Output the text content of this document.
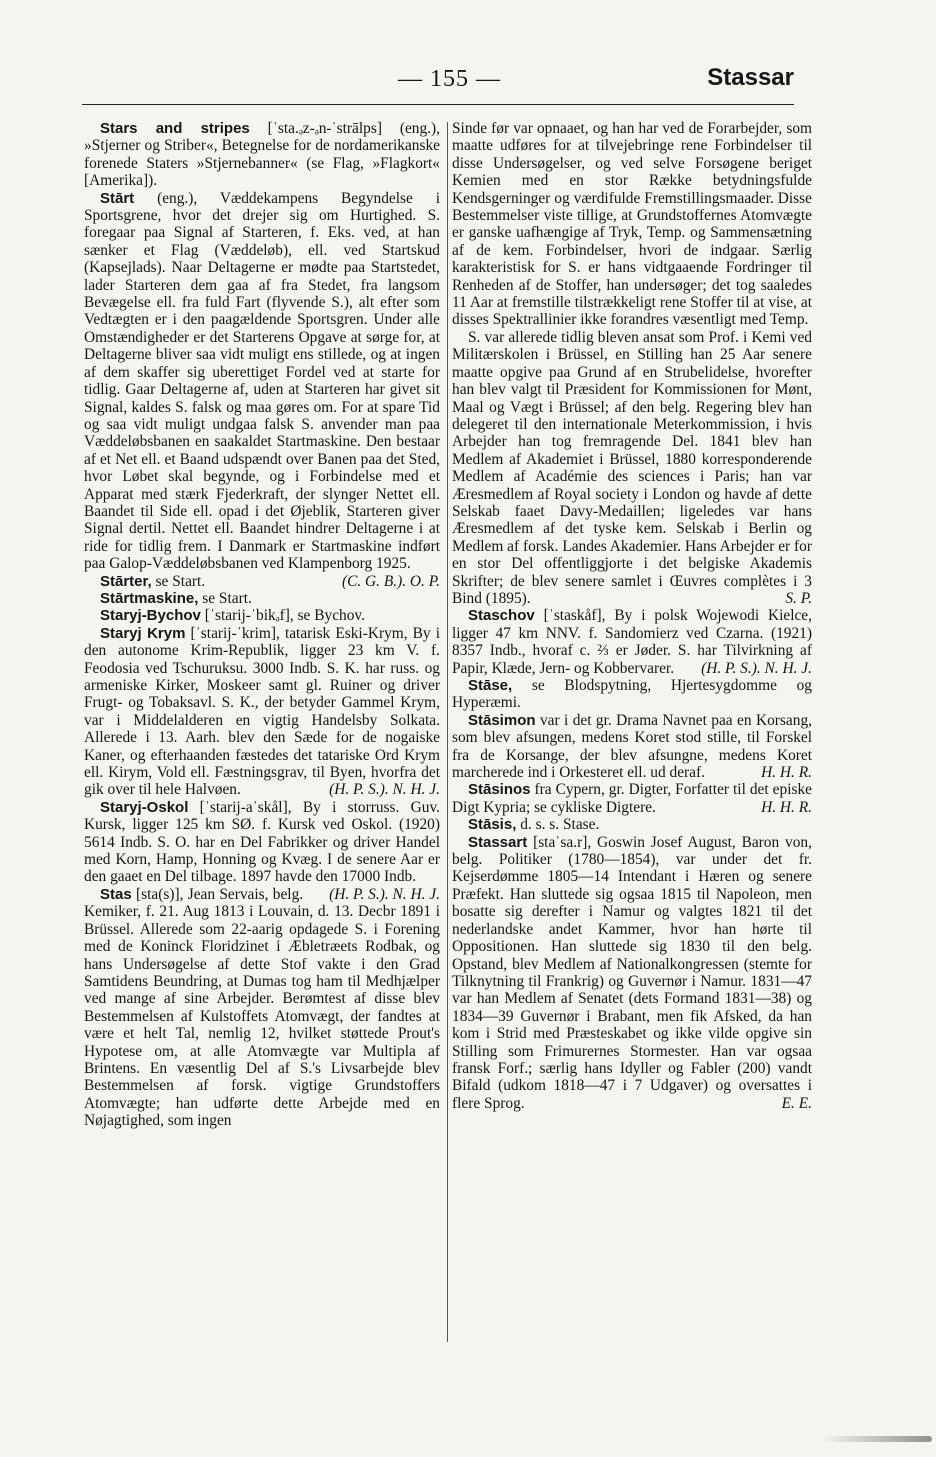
— 155 —	Stassar

Stars and stripes [ˈsta.ₔz-ₔn-ˈstrālps] (eng.), »Stjerner og Striber«, Betegnelse for de nordamerikanske forenede Staters »Stjernebanner« (se Flag, »Flagkort« [Amerika]).

Stārt (eng.), Væddekampens Begyndelse i Sportsgrene, hvor det drejer sig om Hurtighed. S. foregaar paa Signal af Starteren, f. Eks. ved, at han sænker et Flag (Væddeløb), ell. ved Startskud (Kapsejlads). Naar Deltagerne er mødte paa Startstedet, lader Starteren dem gaa af fra Stedet, fra langsom Bevægelse ell. fra fuld Fart (flyvende S.), alt efter som Vedtægten er i den paagældende Sportsgren. Under alle Omstændigheder er det Starterens Opgave at sørge for, at Deltagerne bliver saa vidt muligt ens stillede, og at ingen af dem skaffer sig uberettiget Fordel ved at starte for tidlig. Gaar Deltagerne af, uden at Starteren har givet sit Signal, kaldes S. falsk og maa gøres om. For at spare Tid og saa vidt muligt undgaa falsk S. anvender man paa Væddeløbsbanen en saakaldet Startmaskine. Den bestaar af et Net ell. et Baand udspændt over Banen paa det Sted, hvor Løbet skal begynde, og i Forbindelse med et Apparat med stærk Fjederkraft, der slynger Nettet ell. Baandet til Side ell. opad i det Øjeblik, Starteren giver Signal dertil. Nettet ell. Baandet hindrer Deltagerne i at ride for tidlig frem. I Danmark er Startmaskine indført paa Galop-Væddeløbsbanen ved Klampenborg 1925.
(C. G. B.). O. P.

Stārter, se Start.

Stārtmaskine, se Start.

Staryj-Bychov [ˈstarij-ˈbikₔf], se Bychov.

Staryj Krym [ˈstarij-ˈkrim], tatarisk Eski-Krym, By i den autonome Krim-Republik, ligger 23 km V. f. Feodosia ved Tschuruksu. 3000 Indb. S. K. har russ. og armeniske Kirker, Moskeer samt gl. Ruiner og driver Frugt- og Tobaksavl. S. K., der betyder Gammel Krym, var i Middelalderen en vigtig Handelsby Solkata. Allerede i 13. Aarh. blev den Sæde for de nogaiske Kaner, og efterhaanden fæstedes det tatariske Ord Krym ell. Kirym, Vold ell. Fæstningsgrav, til Byen, hvorfra det gik over til hele Halvøen.	(H. P. S.). N. H. J.

Staryj-Oskol [ˈstarij-aˈskål], By i storruss. Guv. Kursk, ligger 125 km SØ. f. Kursk ved Oskol. (1920) 5614 Indb. S. O. har en Del Fabrikker og driver Handel med Korn, Hamp, Honning og Kvæg. I de senere Aar er den gaaet en Del tilbage. 1897 havde den 17000 Indb.
(H. P. S.). N. H. J.

Stas [sta(s)], Jean Servais, belg. Kemiker, f. 21. Aug 1813 i Louvain, d. 13. Decbr 1891 i Brüssel. Allerede som 22-aarig opdagede S. i Forening med de Koninck Floridzinet i Æbletræets Rodbak, og hans Undersøgelse af dette Stof vakte i den Grad Samtidens Beundring, at Dumas tog ham til Medhjælper ved mange af sine Arbejder. Berømtest af disse blev Bestemmelsen af Kulstoffets Atomvægt, der fandtes at være et helt Tal, nemlig 12, hvilket støttede Prout's Hypotese om, at alle Atomvægte var Multipla af Brintens. En væsentlig Del af S.'s Livsarbejde blev Bestemmelsen af forsk. vigtige Grundstoffers Atomvægte; han udførte dette Arbejde med en Nøjagtighed, som ingen

Sinde før var opnaaet, og han har ved de Forarbejder, som maatte udføres for at tilvejebringe rene Forbindelser til disse Undersøgelser, og ved selve Forsøgene beriget Kemien med en stor Række betydningsfulde Kendsgerninger og værdifulde Fremstillingsmaader. Disse Bestemmelser viste tillige, at Grundstoffernes Atomvægte er ganske uafhængige af Tryk, Temp. og Sammensætning af de kem. Forbindelser, hvori de indgaar. Særlig karakteristisk for S. er hans vidtgaaende Fordringer til Renheden af de Stoffer, han undersøger; det tog saaledes 11 Aar at fremstille tilstrækkeligt rene Stoffer til at vise, at disses Spektrallinier ikke forandres væsentligt med Temp.

S. var allerede tidlig bleven ansat som Prof. i Kemi ved Militærskolen i Brüssel, en Stilling han 25 Aar senere maatte opgive paa Grund af en Strubelidelse, hvorefter han blev valgt til Præsident for Kommissionen for Mønt, Maal og Vægt i Brüssel; af den belg. Regering blev han delegeret til den internationale Meterkommission, i hvis Arbejder han tog fremragende Del. 1841 blev han Medlem af Akademiet i Brüssel, 1880 korresponderende Medlem af Académie des sciences i Paris; han var Æresmedlem af Royal society i London og havde af dette Selskab faaet Davy-Medaillen; ligeledes var hans Æresmedlem af det tyske kem. Selskab i Berlin og Medlem af forsk. Landes Akademier. Hans Arbejder er for en stor Del offentliggjorte i det belgiske Akademis Skrifter; de blev senere samlet i Œuvres complètes i 3 Bind (1895).	S. P.

Staschov [ˈstaskåf], By i polsk Wojewodi Kielce, ligger 47 km NNV. f. Sandomierz ved Czarna. (1921) 8357 Indb., hvoraf c. ⅔ er Jøder. S. har Tilvirkning af Papir, Klæde, Jern- og Kobbervarer.	(H. P. S.). N. H. J.

Stāse, se Blodspytning, Hjertesygdomme og Hyperæmi.

Stāsimon var i det gr. Drama Navnet paa en Korsang, som blev afsungen, medens Koret stod stille, til Forskel fra de Korsange, der blev afsungne, medens Koret marcherede ind i Orkesteret ell. ud deraf.	H. H. R.

Stāsinos fra Cypern, gr. Digter, Forfatter til det episke Digt Kypria; se cykliske Digtere.	H. H. R.

Stāsis, d. s. s. Stase.

Stassart [staˈsa.r], Goswin Josef August, Baron von, belg. Politiker (1780—1854), var under det fr. Kejserdømme 1805—14 Intendant i Hæren og senere Præfekt. Han sluttede sig ogsaa 1815 til Napoleon, men bosatte sig derefter i Namur og valgtes 1821 til det nederlandske andet Kammer, hvor han hørte til Oppositionen. Han sluttede sig 1830 til den belg. Opstand, blev Medlem af Nationalkongressen (stemte for Tilknytning til Frankrig) og Guvernør i Namur. 1831—47 var han Medlem af Senatet (dets Formand 1831—38) og 1834—39 Guvernør i Brabant, men fik Afsked, da han kom i Strid med Præsteskabet og ikke vilde opgive sin Stilling som Frimurernes Stormester. Han var ogsaa fransk Forf.; særlig hans Idyller og Fabler (200) vandt Bifald (udkom 1818—47 i 7 Udgaver) og oversattes i flere Sprog.	E. E.
